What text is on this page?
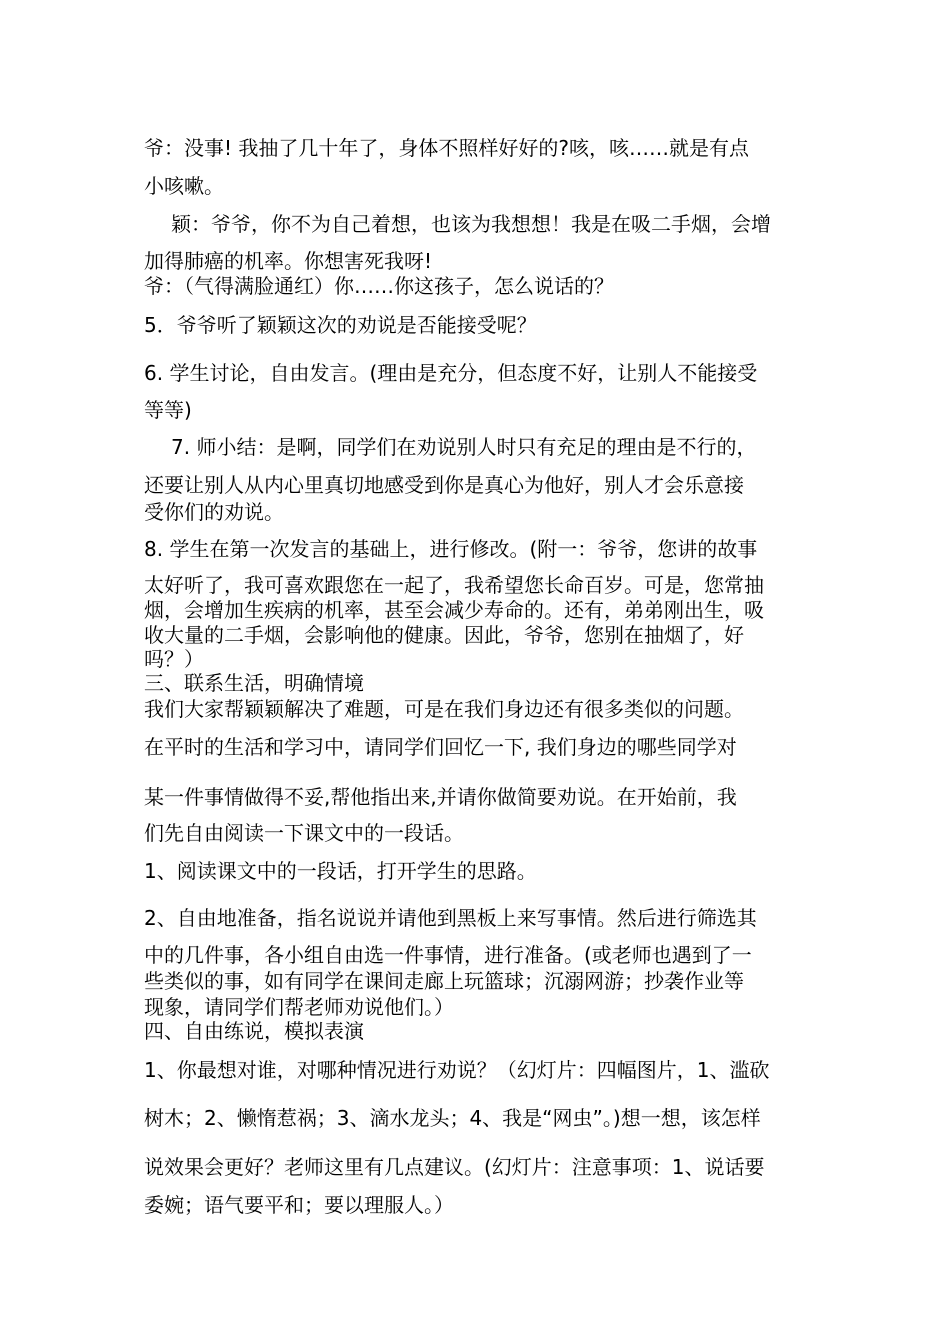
爷：没事! 我抽了几十年了，身体不照样好好的?咳，咳……就是有点
小咳嗽。
颖：爷爷，你不为自己着想，也该为我想想！我是在吸二手烟，会增
加得肺癌的机率。你想害死我呀!
爷：（气得满脸通红）你……你这孩子，怎么说话的？
5．爷爷听了颖颖这次的劝说是否能接受呢？
6. 学生讨论，自由发言。(理由是充分，但态度不好，让别人不能接受
等等)
7. 师小结：是啊，同学们在劝说别人时只有充足的理由是不行的，
还要让别人从内心里真切地感受到你是真心为他好，别人才会乐意接
受你们的劝说。
8. 学生在第一次发言的基础上，进行修改。(附一：爷爷，您讲的故事
太好听了，我可喜欢跟您在一起了，我希望您长命百岁。可是，您常抽
烟，会增加生疾病的机率，甚至会减少寿命的。还有，弟弟刚出生，吸
收大量的二手烟，会影响他的健康。因此，爷爷，您别在抽烟了，好
吗？）
三、联系生活，明确情境
我们大家帮颖颖解决了难题，可是在我们身边还有很多类似的问题。
在平时的生活和学习中，请同学们回忆一下, 我们身边的哪些同学对
某一件事情做得不妥,帮他指出来,并请你做简要劝说。在开始前，我
们先自由阅读一下课文中的一段话。
1、阅读课文中的一段话，打开学生的思路。
2、自由地准备，指名说说并请他到黑板上来写事情。然后进行筛选其
中的几件事，各小组自由选一件事情，进行准备。(或老师也遇到了一
些类似的事，如有同学在课间走廊上玩篮球；沉溺网游；抄袭作业等
现象，请同学们帮老师劝说他们。）
四、自由练说，模拟表演
1、你最想对谁，对哪种情况进行劝说？（幻灯片：四幅图片，1、滥砍
树木；2、懒惰惹祸；3、滴水龙头；4、我是“网虫”。)想一想，该怎样
说效果会更好？老师这里有几点建议。(幻灯片：注意事项：1、说话要
委婉；语气要平和；要以理服人。）
